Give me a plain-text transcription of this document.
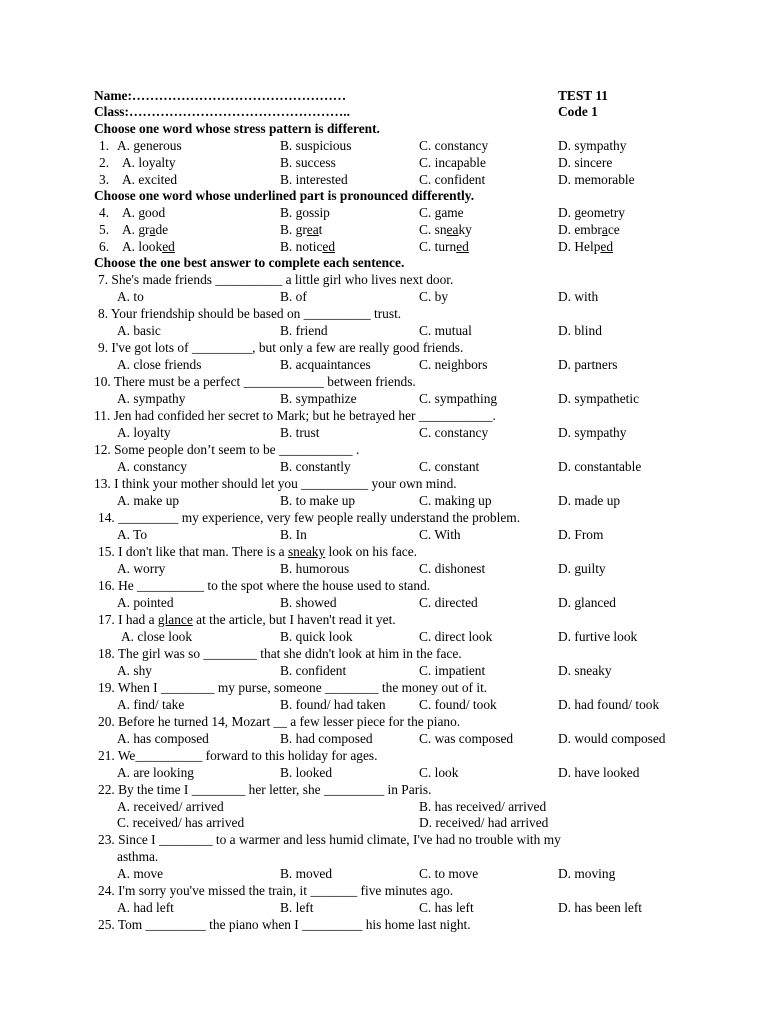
Name:…………………………………………	TEST 11
Class:…………………………………………..	Code 1
Choose one word whose stress pattern is different.
1. A. generous	B. suspicious	C. constancy	D. sympathy
2. A. loyalty	B. success	C. incapable	D. sincere
3. A. excited	B. interested	C. confident	D. memorable
Choose one word whose underlined part is pronounced differently.
4. A. good	B. gossip	C. game	D. geometry
5. A. grade	B. great	C. sneaky	D. embrace
6. A. looked	B. noticed	C. turned	D. Helped
Choose the one best answer to complete each sentence.
7. She's made friends __________ a little girl who lives next door.
A. to	B. of	C. by	D. with
8. Your friendship should be based on __________ trust.
A. basic	B. friend	C. mutual	D. blind
9. I've got lots of _________, but only a few are really good friends.
A. close friends	B. acquaintances	C. neighbors	D. partners
10. There must be a perfect ____________ between friends.
A. sympathy	B. sympathize	C. sympathing	D. sympathetic
11. Jen had confided her secret to Mark; but he betrayed her ___________.
A. loyalty	B. trust	C. constancy	D. sympathy
12. Some people don’t seem to be ___________ .
A. constancy	B. constantly	C. constant	D. constantable
13. I think your mother should let you __________ your own mind.
A. make up	B. to make up	C. making up	D. made up
14. _________ my experience, very few people really understand the problem.
A. To	B. In	C. With	D. From
15. I don't like that man. There is a sneaky look on his face.
A. worry	B. humorous	C. dishonest	D. guilty
16. He __________ to the spot where the house used to stand.
A. pointed	B. showed	C. directed	D. glanced
17. I had a glance at the article, but I haven't read it yet.
A. close look	B. quick look	C. direct look	D. furtive look
18. The girl was so ________ that she didn't look at him in the face.
A. shy	B. confident	C. impatient	D. sneaky
19. When I ________ my purse, someone ________ the money out of it.
A. find/ take	B. found/ had taken C. found/ took	D. had found/ took
20. Before he turned 14, Mozart __ a few lesser piece for the piano.
A. has composed	B. had composed	C. was composed	D. would composed
21. We__________ forward to this holiday for ages.
A. are looking	B. looked	C. look	D. have looked
22. By the time I ________ her letter, she _________ in Paris.
A. received/ arrived	B. has received/ arrived
C. received/ has arrived	D. received/ had arrived
23. Since I ________ to a warmer and less humid climate, I've had no trouble with my
asthma.
A. move	B. moved	C. to move	D. moving
24. I'm sorry you've missed the train, it _______ five minutes ago.
A. had left	B. left	C. has left	D. has been left
25. Tom _________ the piano when I _________ his home last night.
